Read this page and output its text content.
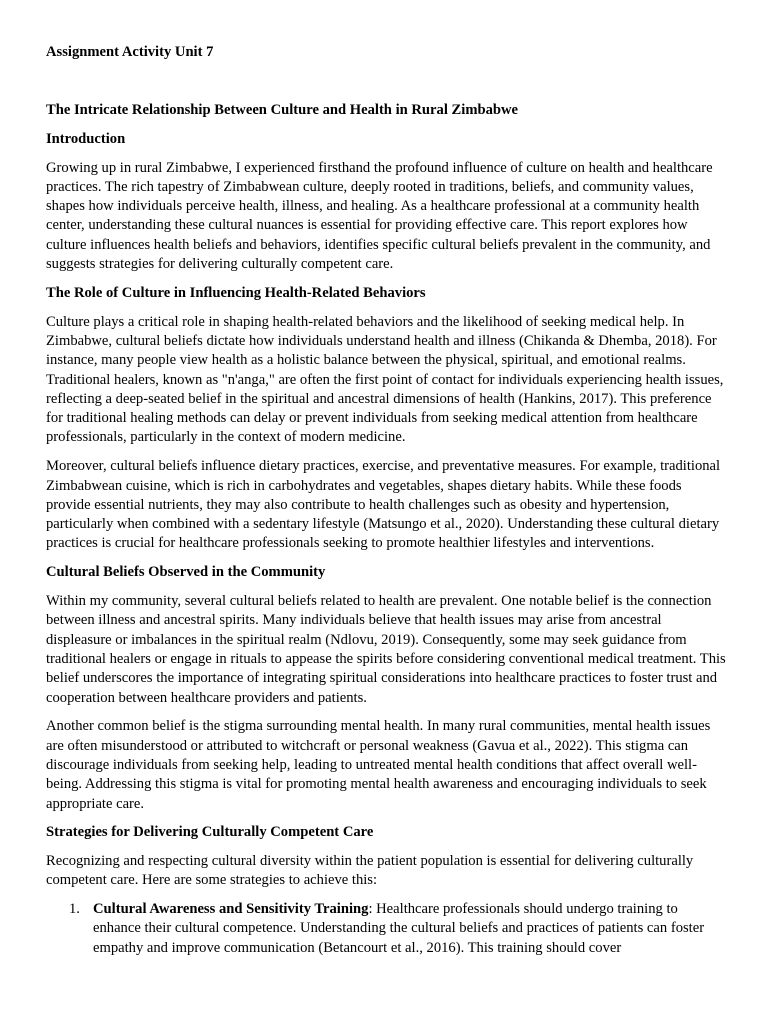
Assignment Activity Unit 7

The Intricate Relationship Between Culture and Health in Rural Zimbabwe

Introduction

Growing up in rural Zimbabwe, I experienced firsthand the profound influence of culture on health and healthcare practices. The rich tapestry of Zimbabwean culture, deeply rooted in traditions, beliefs, and community values, shapes how individuals perceive health, illness, and healing. As a healthcare professional at a community health center, understanding these cultural nuances is essential for providing effective care. This report explores how culture influences health beliefs and behaviors, identifies specific cultural beliefs prevalent in the community, and suggests strategies for delivering culturally competent care.

The Role of Culture in Influencing Health-Related Behaviors

Culture plays a critical role in shaping health-related behaviors and the likelihood of seeking medical help. In Zimbabwe, cultural beliefs dictate how individuals understand health and illness (Chikanda & Dhemba, 2018). For instance, many people view health as a holistic balance between the physical, spiritual, and emotional realms. Traditional healers, known as "n'anga," are often the first point of contact for individuals experiencing health issues, reflecting a deep-seated belief in the spiritual and ancestral dimensions of health (Hankins, 2017). This preference for traditional healing methods can delay or prevent individuals from seeking medical attention from healthcare professionals, particularly in the context of modern medicine.

Moreover, cultural beliefs influence dietary practices, exercise, and preventative measures. For example, traditional Zimbabwean cuisine, which is rich in carbohydrates and vegetables, shapes dietary habits. While these foods provide essential nutrients, they may also contribute to health challenges such as obesity and hypertension, particularly when combined with a sedentary lifestyle (Matsungo et al., 2020). Understanding these cultural dietary practices is crucial for healthcare professionals seeking to promote healthier lifestyles and interventions.

Cultural Beliefs Observed in the Community

Within my community, several cultural beliefs related to health are prevalent. One notable belief is the connection between illness and ancestral spirits. Many individuals believe that health issues may arise from ancestral displeasure or imbalances in the spiritual realm (Ndlovu, 2019). Consequently, some may seek guidance from traditional healers or engage in rituals to appease the spirits before considering conventional medical treatment. This belief underscores the importance of integrating spiritual considerations into healthcare practices to foster trust and cooperation between healthcare providers and patients.

Another common belief is the stigma surrounding mental health. In many rural communities, mental health issues are often misunderstood or attributed to witchcraft or personal weakness (Gavua et al., 2022). This stigma can discourage individuals from seeking help, leading to untreated mental health conditions that affect overall well-being. Addressing this stigma is vital for promoting mental health awareness and encouraging individuals to seek appropriate care.

Strategies for Delivering Culturally Competent Care

Recognizing and respecting cultural diversity within the patient population is essential for delivering culturally competent care. Here are some strategies to achieve this:

1. Cultural Awareness and Sensitivity Training: Healthcare professionals should undergo training to enhance their cultural competence. Understanding the cultural beliefs and practices of patients can foster empathy and improve communication (Betancourt et al., 2016). This training should cover
